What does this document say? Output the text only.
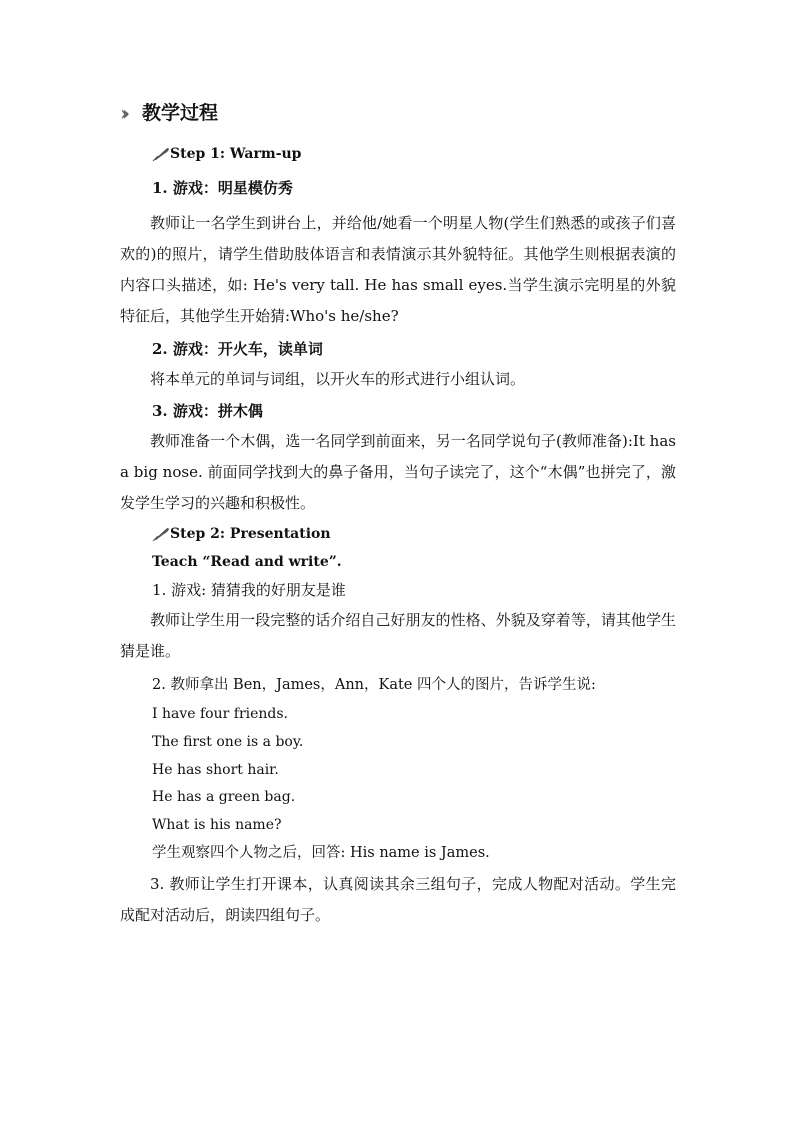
›› 教学过程
Step 1: Warm-up
1. 游戏：明星模仿秀
教师让一名学生到讲台上，并给他/她看一个明星人物(学生们熟悉的或孩子们喜欢的)的照片，请学生借助肢体语言和表情演示其外貌特征。其他学生则根据表演的内容口头描述，如: He's very tall. He has small eyes.当学生演示完明星的外貌特征后，其他学生开始猜:Who's he/she?
2. 游戏：开火车，读单词
将本单元的单词与词组，以开火车的形式进行小组认词。
3. 游戏：拼木偶
教师准备一个木偶，选一名同学到前面来，另一名同学说句子(教师准备):It has a big nose. 前面同学找到大的鼻子备用，当句子读完了，这个“木偶”也拼完了，激发学生学习的兴趣和积极性。
Step 2: Presentation
Teach “Read and write”.
1. 游戏: 猜猜我的好朋友是谁
教师让学生用一段完整的话介绍自己好朋友的性格、外貌及穿着等，请其他学生猜是谁。
2. 教师拿出 Ben，James，Ann，Kate 四个人的图片，告诉学生说:
I have four friends.
The first one is a boy.
He has short hair.
He has a green bag.
What is his name?
学生观察四个人物之后，回答: His name is James.
3. 教师让学生打开课本，认真阅读其余三组句子，完成人物配对活动。学生完成配对活动后，朗读四组句子。
